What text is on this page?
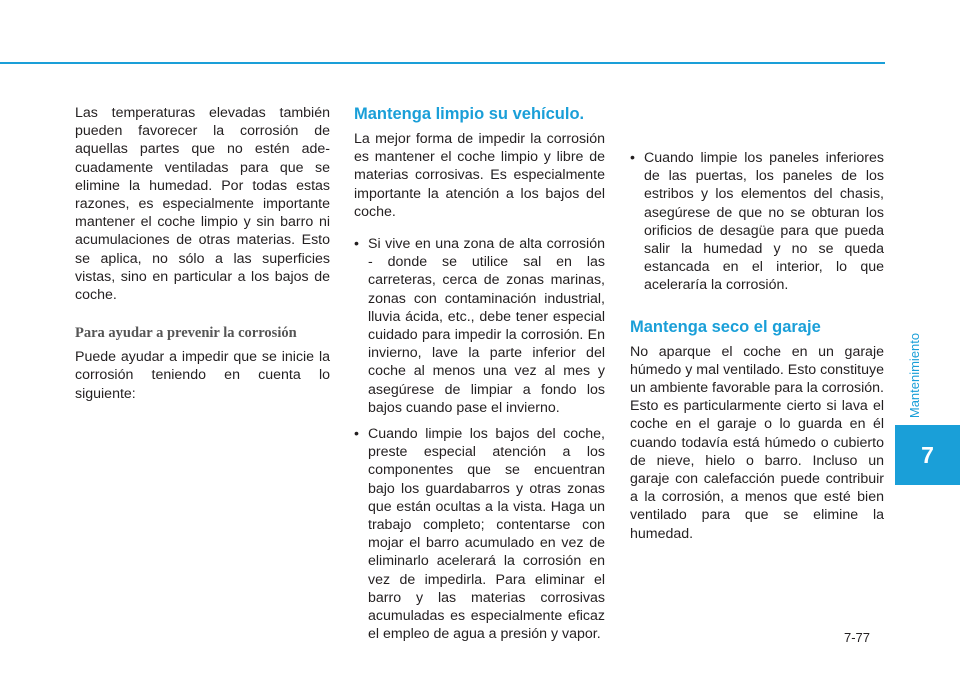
Mantenimiento
7

Las temperaturas elevadas también pueden favorecer la corrosión de aquellas partes que no estén adecuadamente ventiladas para que se elimine la humedad. Por todas estas razones, es especialmente importante mantener el coche limpio y sin barro ni acumulaciones de otras materias. Esto se aplica, no sólo a las superficies vistas, sino en particular a los bajos de coche.

Para ayudar a prevenir la corrosión

Puede ayudar a impedir que se inicie la corrosión teniendo en cuenta lo siguiente:

Mantenga limpio su vehículo.

La mejor forma de impedir la corrosión es mantener el coche limpio y libre de materias corrosivas. Es especialmente importante la atención a los bajos del coche.

• Si vive en una zona de alta corrosión - donde se utilice sal en las carreteras, cerca de zonas marinas, zonas con contaminación industrial, lluvia ácida, etc., debe tener especial cuidado para impedir la corrosión. En invierno, lave la parte inferior del coche al menos una vez al mes y asegúrese de limpiar a fondo los bajos cuando pase el invierno.
• Cuando limpie los bajos del coche, preste especial atención a los componentes que se encuentran bajo los guardabarros y otras zonas que están ocultas a la vista. Haga un trabajo completo; contentarse con mojar el barro acumulado en vez de eliminarlo acelerará la corrosión en vez de impedirla. Para eliminar el barro y las materias corrosivas acumuladas es especialmente eficaz el empleo de agua a presión y vapor.
• Cuando limpie los paneles inferiores de las puertas, los paneles de los estribos y los elementos del chasis, asegúrese de que no se obturan los orificios de desagüe para que pueda salir la humedad y no se queda estancada en el interior, lo que aceleraría la corrosión.
Mantenga seco el garaje

No aparque el coche en un garaje húmedo y mal ventilado. Esto constituye un ambiente favorable para la corrosión. Esto es particularmente cierto si lava el coche en el garaje o lo guarda en él cuando todavía está húmedo o cubierto de nieve, hielo o barro. Incluso un garaje con calefacción puede contribuir a la corrosión, a menos que esté bien ventilado para que se elimine la humedad.

7-77
